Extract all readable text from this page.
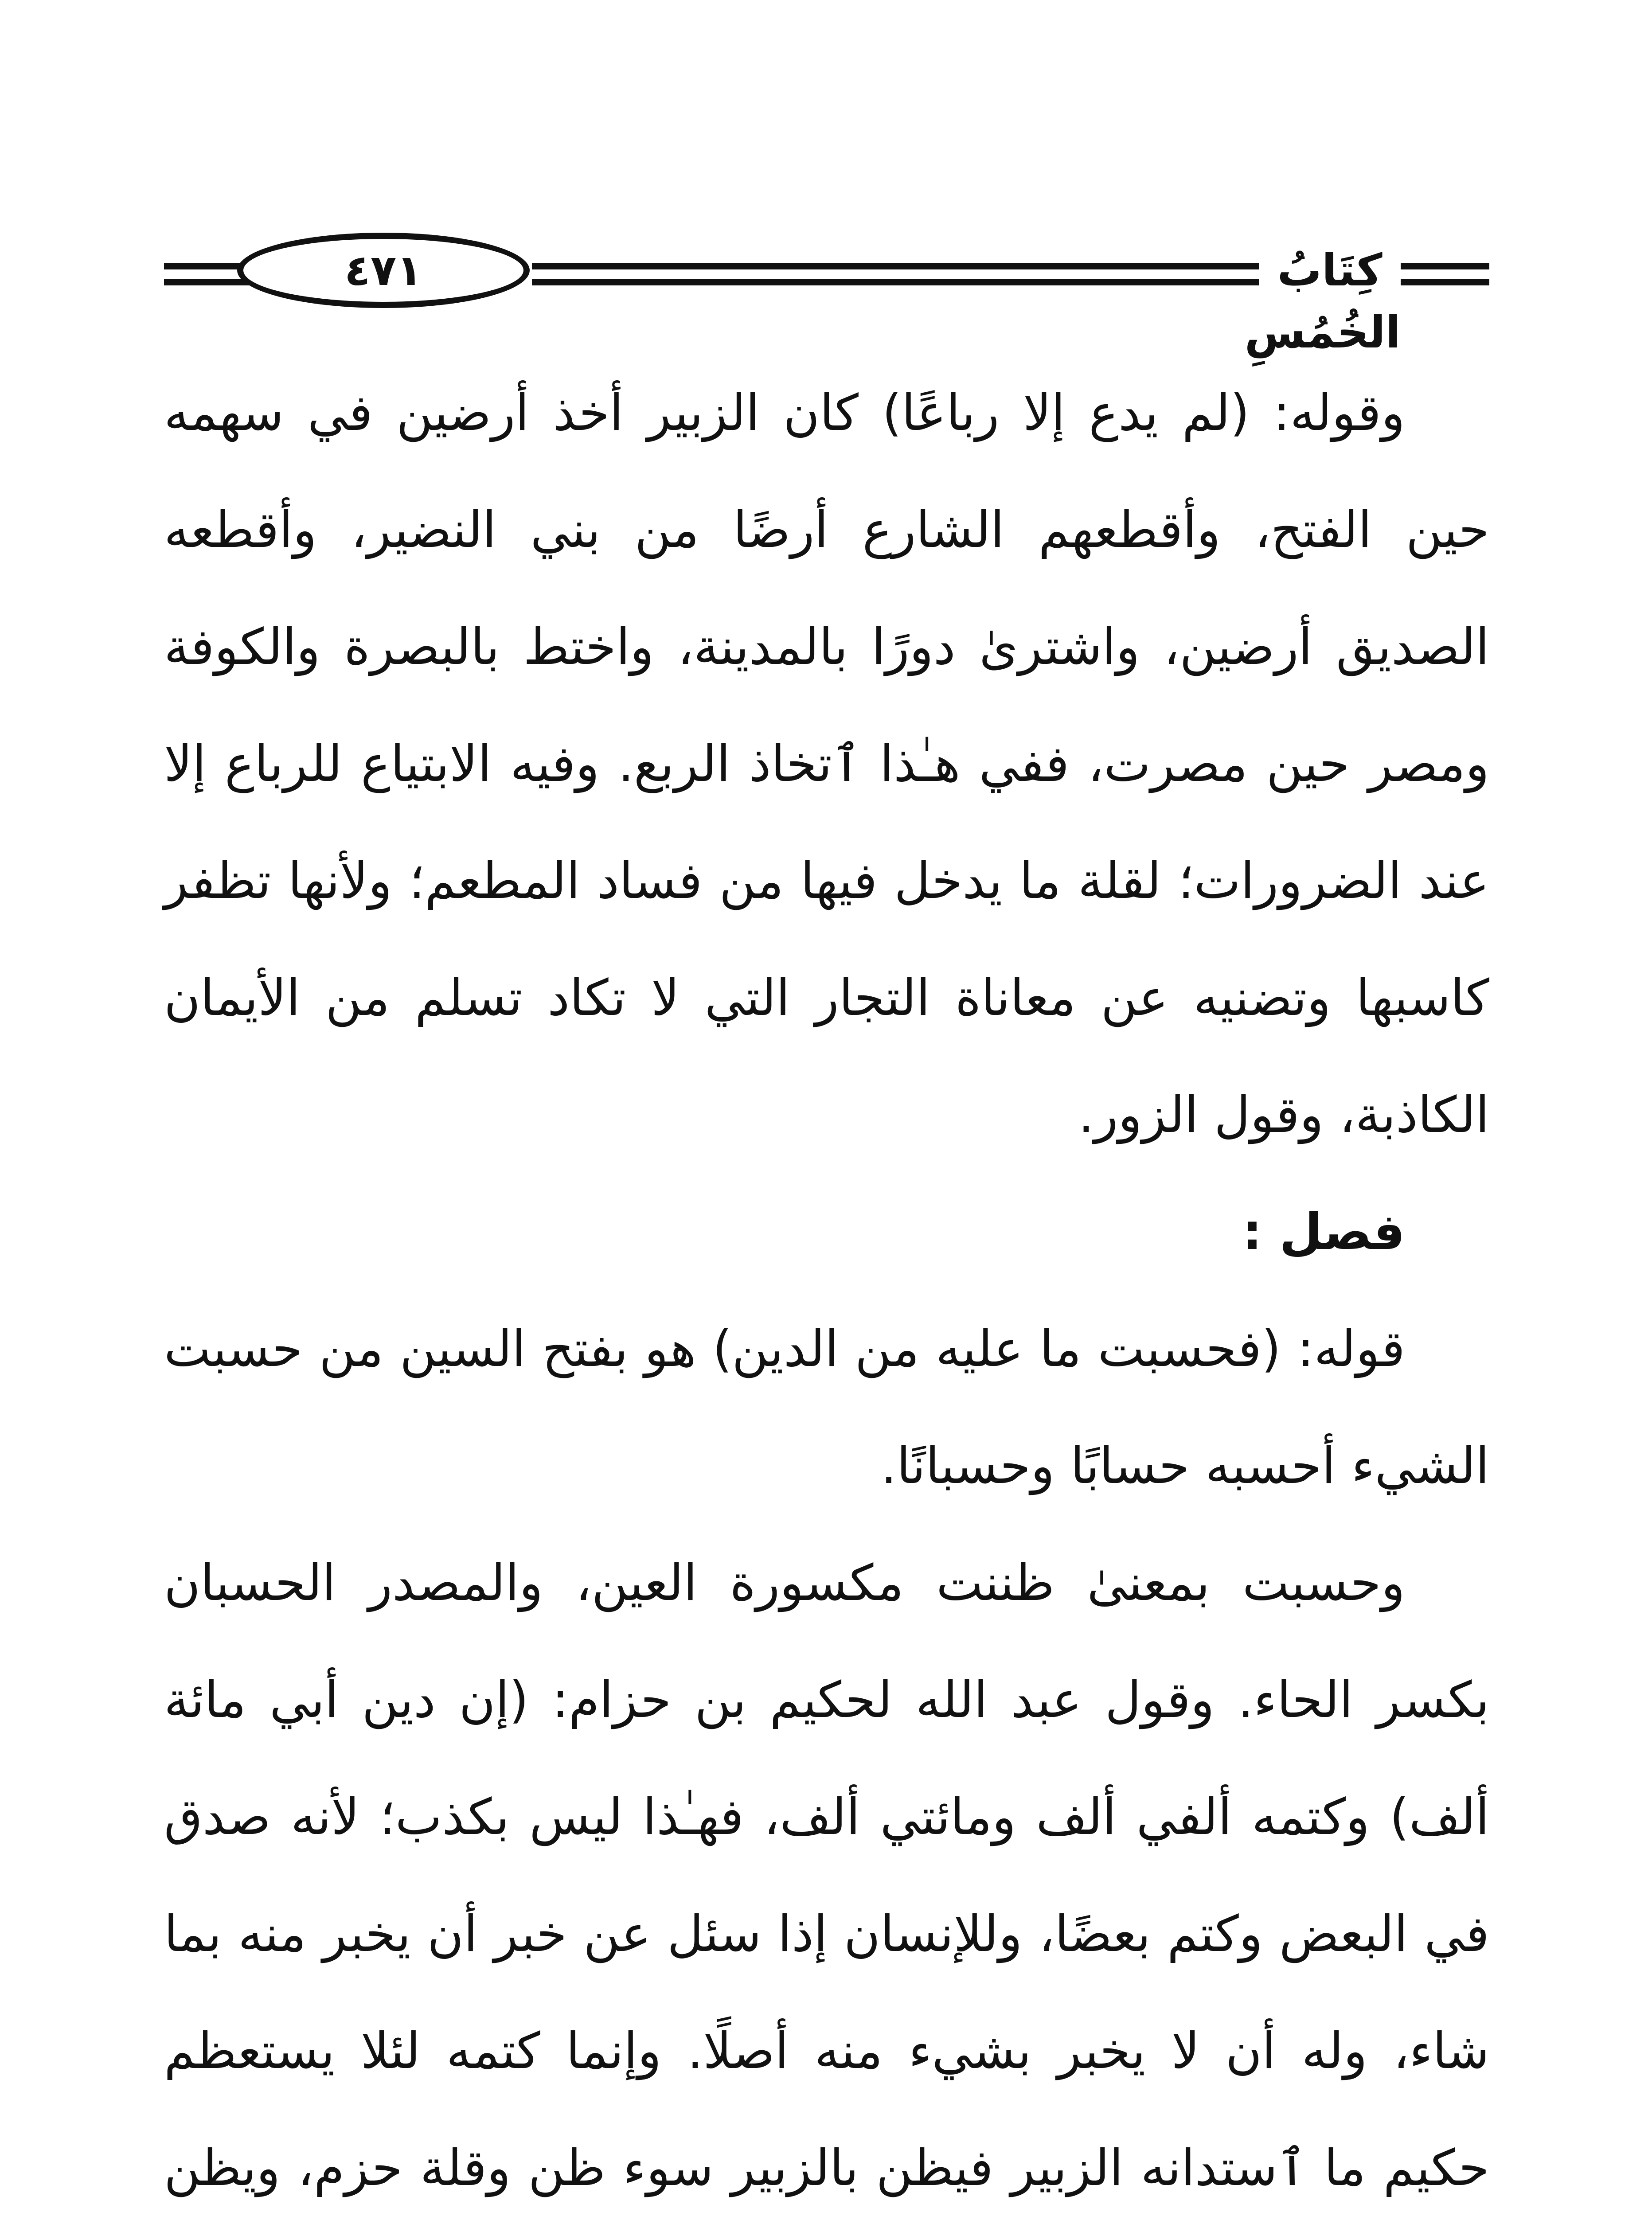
٤٧١	كِتَابُ الخُمُسِ

وقوله: (لم يدع إلا رباعًا) كان الزبير أخذ أرضين في سهمه حين الفتح، وأقطعهم الشارع أرضًا من بني النضير، وأقطعه الصديق أرضين، واشترىٰ دورًا بالمدينة، واختط بالبصرة والكوفة ومصر حين مصرت، ففي هـٰذا ٱتخاذ الربع. وفيه الابتياع للرباع إلا عند الضرورات؛ لقلة ما يدخل فيها من فساد المطعم؛ ولأنها تظفر كاسبها وتضنيه عن معاناة التجار التي لا تكاد تسلم من الأيمان الكاذبة، وقول الزور.

فصل :

قوله: (فحسبت ما عليه من الدين) هو بفتح السين من حسبت الشيء أحسبه حسابًا وحسبانًا.

وحسبت بمعنىٰ ظننت مكسورة العين، والمصدر الحسبان بكسر الحاء. وقول عبد الله لحكيم بن حزام: (إن دين أبي مائة ألف) وكتمه ألفي ألف ومائتي ألف، فهـٰذا ليس بكذب؛ لأنه صدق في البعض وكتم بعضًا، وللإنسان إذا سئل عن خبر أن يخبر منه بما شاء، وله أن لا يخبر بشيء منه أصلًا. وإنما كتمه لئلا يستعظم حكيم ما ٱستدانه الزبير فيظن بالزبير سوء ظن وقلة حزم، ويظن
